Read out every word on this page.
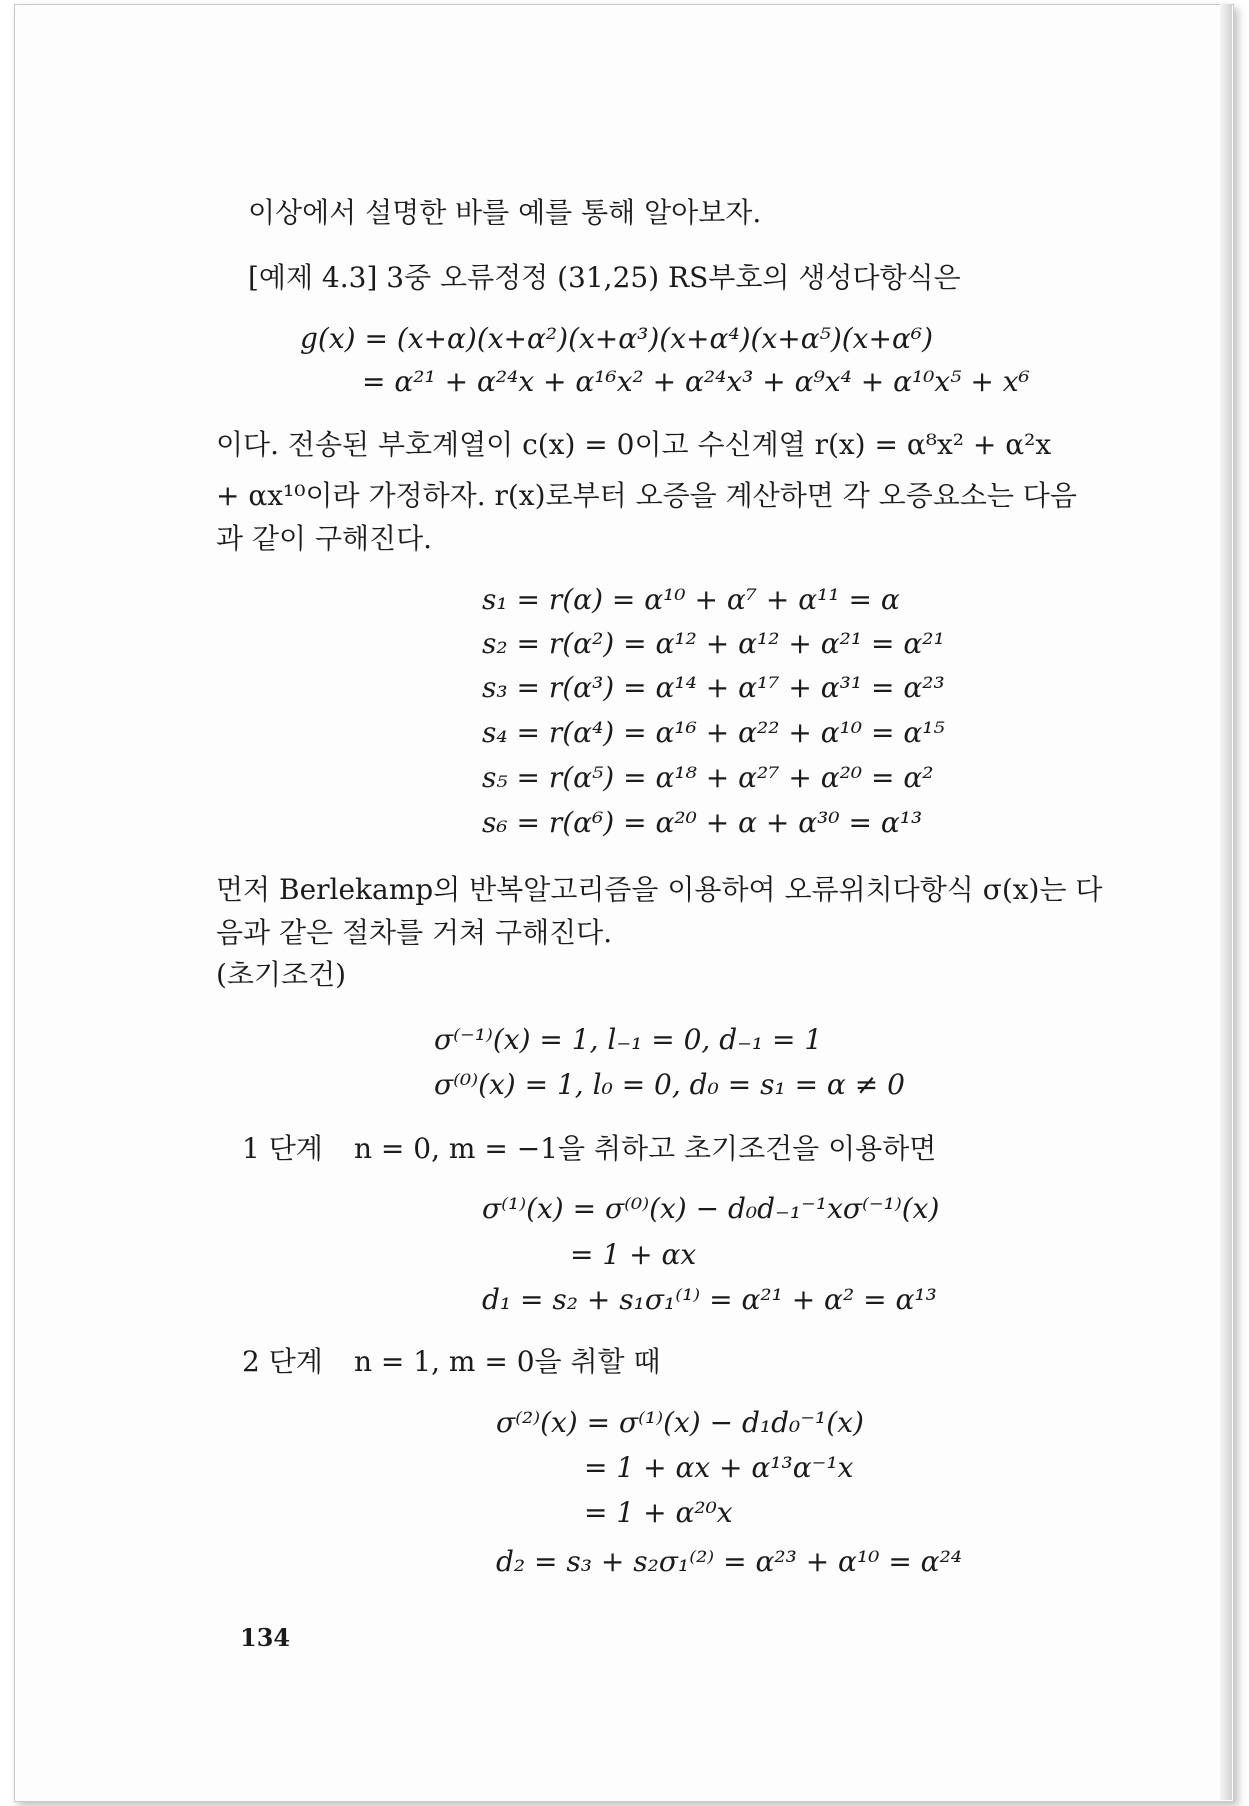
이상에서 설명한 바를 예를 통해 알아보자.
[예제 4.3] 3중 오류정정 (31,25) RS부호의 생성다항식은
g(x) = (x+α)(x+α²)(x+α³)(x+α⁴)(x+α⁵)(x+α⁶)
= α²¹ + α²⁴x + α¹⁶x² + α²⁴x³ + α⁹x⁴ + α¹⁰x⁵ + x⁶
이다. 전송된 부호계열이 c(x) = 0이고 수신계열 r(x) = α⁸x² + α²x
+ αx¹⁰이라 가정하자. r(x)로부터 오증을 계산하면 각 오증요소는 다음
과 같이 구해진다.
s₁ = r(α) = α¹⁰ + α⁷ + α¹¹ = α
s₂ = r(α²) = α¹² + α¹² + α²¹ = α²¹
s₃ = r(α³) = α¹⁴ + α¹⁷ + α³¹ = α²³
s₄ = r(α⁴) = α¹⁶ + α²² + α¹⁰ = α¹⁵
s₅ = r(α⁵) = α¹⁸ + α²⁷ + α²⁰ = α²
s₆ = r(α⁶) = α²⁰ + α + α³⁰ = α¹³
먼저 Berlekamp의 반복알고리즘을 이용하여 오류위치다항식 σ(x)는 다
음과 같은 절차를 거쳐 구해진다.
(초기조건)
σ⁽⁻¹⁾(x) = 1, l₋₁ = 0, d₋₁ = 1
σ⁽⁰⁾(x) = 1, l₀ = 0, d₀ = s₁ = α ≠ 0
1 단계 n = 0, m = −1을 취하고 초기조건을 이용하면
σ⁽¹⁾(x) = σ⁽⁰⁾(x) − d₀d₋₁⁻¹xσ⁽⁻¹⁾(x)
= 1 + αx
d₁ = s₂ + s₁σ₁⁽¹⁾ = α²¹ + α² = α¹³
2 단계 n = 1, m = 0을 취할 때
σ⁽²⁾(x) = σ⁽¹⁾(x) − d₁d₀⁻¹(x)
= 1 + αx + α¹³α⁻¹x
= 1 + α²⁰x
d₂ = s₃ + s₂σ₁⁽²⁾ = α²³ + α¹⁰ = α²⁴
134
